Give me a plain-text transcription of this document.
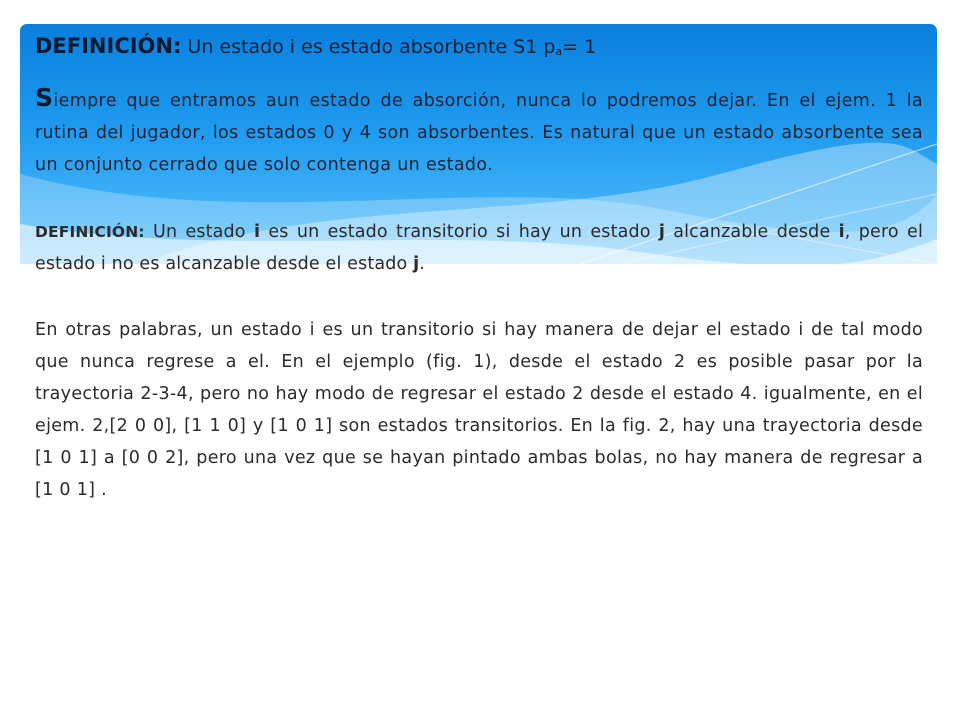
DEFINICIÓN: Un estado i es estado absorbente S1 $p_a= 1$

Siempre que entramos aun estado de absorción, nunca lo podremos dejar. En el ejem. 1 la rutina del jugador, los estados 0 y 4 son absorbentes. Es natural que un estado absorbente sea un conjunto cerrado que solo contenga un estado.

DEFINICIÓN: Un estado i es un estado transitorio si hay un estado j alcanzable desde i, pero el estado i no es alcanzable desde el estado j.

En otras palabras, un estado i es un transitorio si hay manera de dejar el estado i de tal modo que nunca regrese a el. En el ejemplo (fig. 1), desde el estado 2 es posible pasar por la trayectoria 2-3-4, pero no hay modo de regresar el estado 2 desde el estado 4. igualmente, en el ejem. 2,[2 0 0], [1 1 0] y [1 0 1] son estados transitorios. En la fig. 2, hay una trayectoria desde [1 0 1] a [0 0 2], pero una vez que se hayan pintado ambas bolas, no hay manera de regresar a [1 0 1] .
